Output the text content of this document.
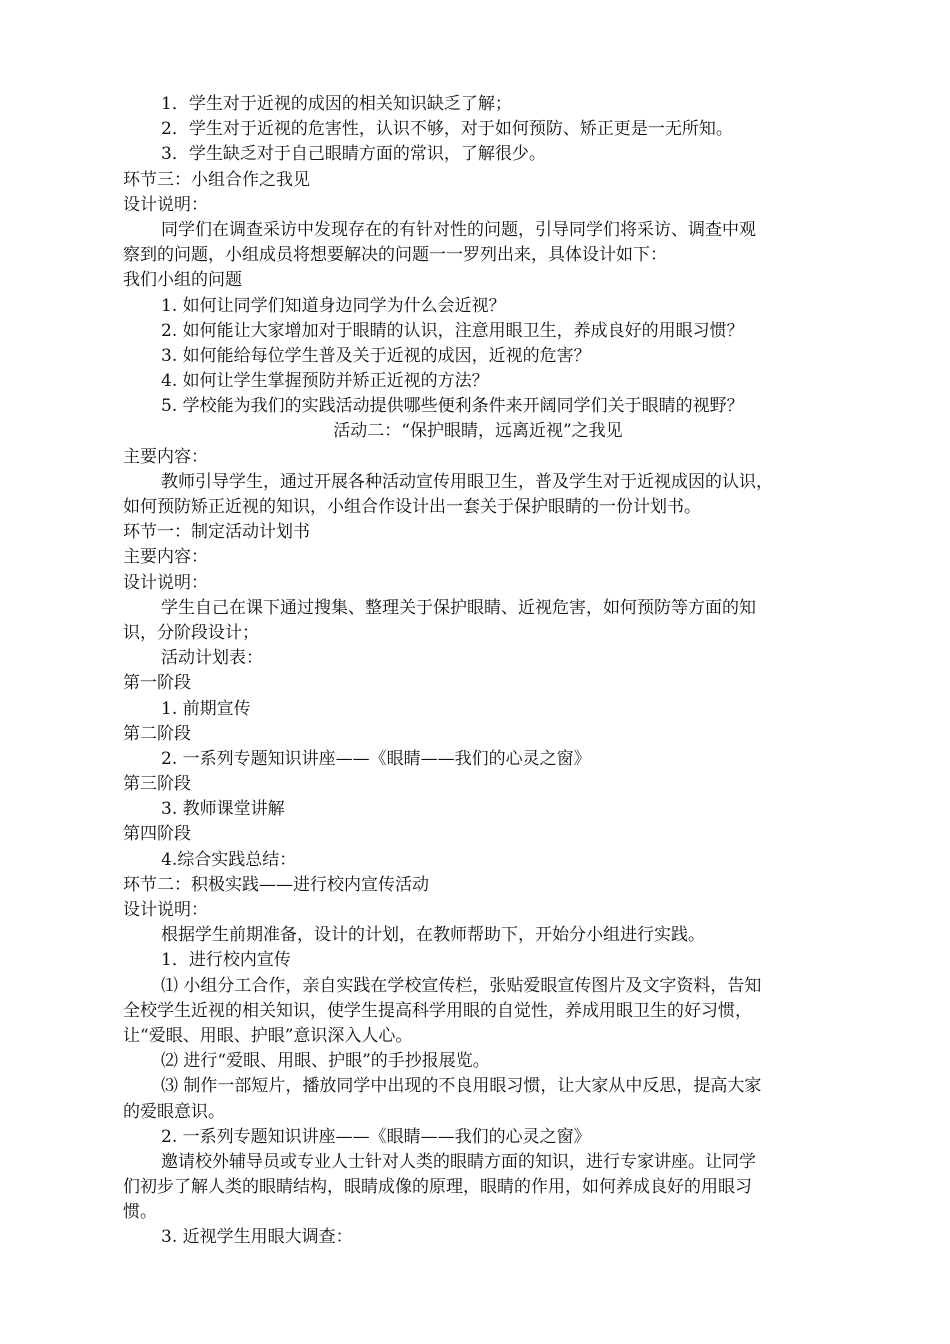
1．学生对于近视的成因的相关知识缺乏了解；
2．学生对于近视的危害性，认识不够，对于如何预防、矫正更是一无所知。
3．学生缺乏对于自己眼睛方面的常识，了解很少。
环节三：小组合作之我见
设计说明：
同学们在调查采访中发现存在的有针对性的问题，引导同学们将采访、调查中观
察到的问题，小组成员将想要解决的问题一一罗列出来，具体设计如下：
我们小组的问题
1. 如何让同学们知道身边同学为什么会近视？
2. 如何能让大家增加对于眼睛的认识，注意用眼卫生，养成良好的用眼习惯？
3. 如何能给每位学生普及关于近视的成因，近视的危害？
4. 如何让学生掌握预防并矫正近视的方法？
5. 学校能为我们的实践活动提供哪些便利条件来开阔同学们关于眼睛的视野？
活动二：“保护眼睛，远离近视”之我见
主要内容：
教师引导学生，通过开展各种活动宣传用眼卫生，普及学生对于近视成因的认识，
如何预防矫正近视的知识，小组合作设计出一套关于保护眼睛的一份计划书。
环节一：制定活动计划书
主要内容：
设计说明：
学生自己在课下通过搜集、整理关于保护眼睛、近视危害，如何预防等方面的知
识，分阶段设计；
活动计划表：
第一阶段
1. 前期宣传
第二阶段
2. 一系列专题知识讲座——《眼睛——我们的心灵之窗》
第三阶段
3. 教师课堂讲解
第四阶段
4.综合实践总结：
环节二：积极实践——进行校内宣传活动
设计说明：
根据学生前期准备，设计的计划，在教师帮助下，开始分小组进行实践。
1．进行校内宣传
⑴ 小组分工合作，亲自实践在学校宣传栏，张贴爱眼宣传图片及文字资料，告知
全校学生近视的相关知识，使学生提高科学用眼的自觉性，养成用眼卫生的好习惯，
让“爱眼、用眼、护眼”意识深入人心。
⑵ 进行“爱眼、用眼、护眼”的手抄报展览。
⑶ 制作一部短片，播放同学中出现的不良用眼习惯，让大家从中反思，提高大家
的爱眼意识。
2. 一系列专题知识讲座——《眼睛——我们的心灵之窗》
邀请校外辅导员或专业人士针对人类的眼睛方面的知识，进行专家讲座。让同学
们初步了解人类的眼睛结构，眼睛成像的原理，眼睛的作用，如何养成良好的用眼习
惯。
3. 近视学生用眼大调查：
